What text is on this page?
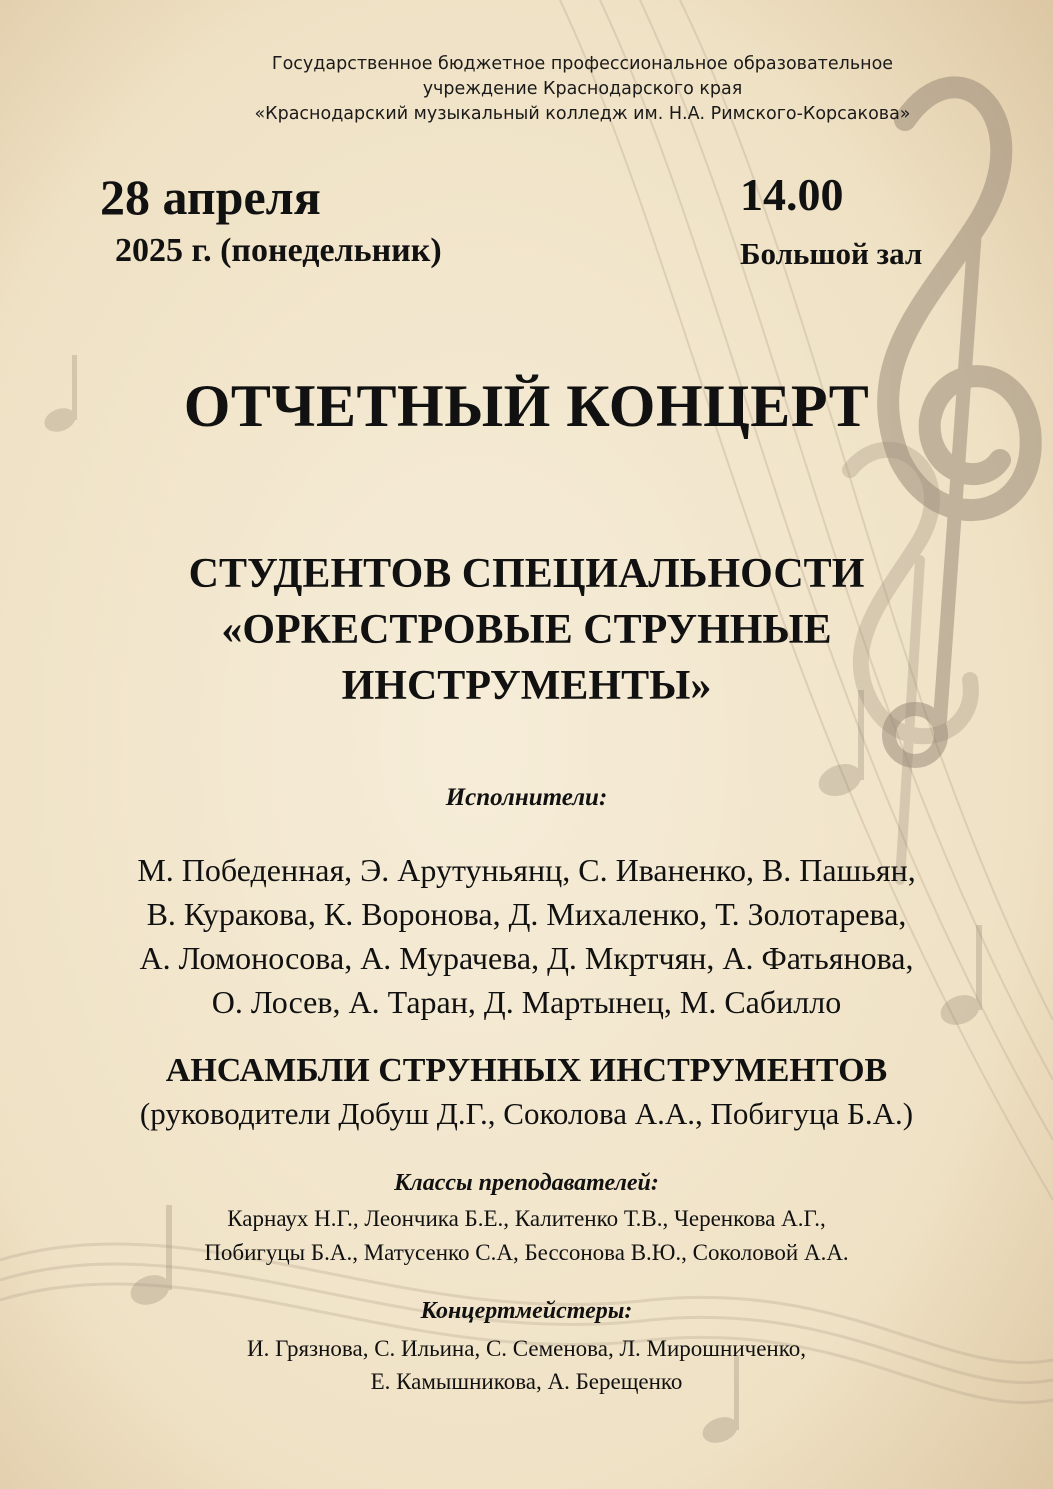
Государственное бюджетное профессиональное образовательное
учреждение Краснодарского края
«Краснодарский музыкальный колледж им. Н.А. Римского-Корсакова»
28 апреля
2025 г. (понедельник)
14.00
Большой зал
ОТЧЕТНЫЙ КОНЦЕРТ
СТУДЕНТОВ СПЕЦИАЛЬНОСТИ
«ОРКЕСТРОВЫЕ СТРУННЫЕ
ИНСТРУМЕНТЫ»
Исполнители:
М. Победенная, Э. Арутуньянц, С. Иваненко, В. Пашьян,
В. Куракова, К. Воронова, Д. Михаленко, Т. Золотарева,
А. Ломоносова, А. Мурачева, Д. Мкртчян, А. Фатьянова,
О. Лосев, А. Таран, Д. Мартынец, М. Сабилло
АНСАМБЛИ СТРУННЫХ ИНСТРУМЕНТОВ
(руководители Добуш Д.Г., Соколова А.А., Побигуца Б.А.)
Классы преподавателей:
Карнаух Н.Г., Леончика Б.Е., Калитенко Т.В., Черенкова А.Г.,
Побигуцы Б.А., Матусенко С.А, Бессонова В.Ю., Соколовой А.А.
Концертмейстеры:
И. Грязнова, С. Ильина, С. Семенова, Л. Мирошниченко,
Е. Камышникова, А. Берещенко
